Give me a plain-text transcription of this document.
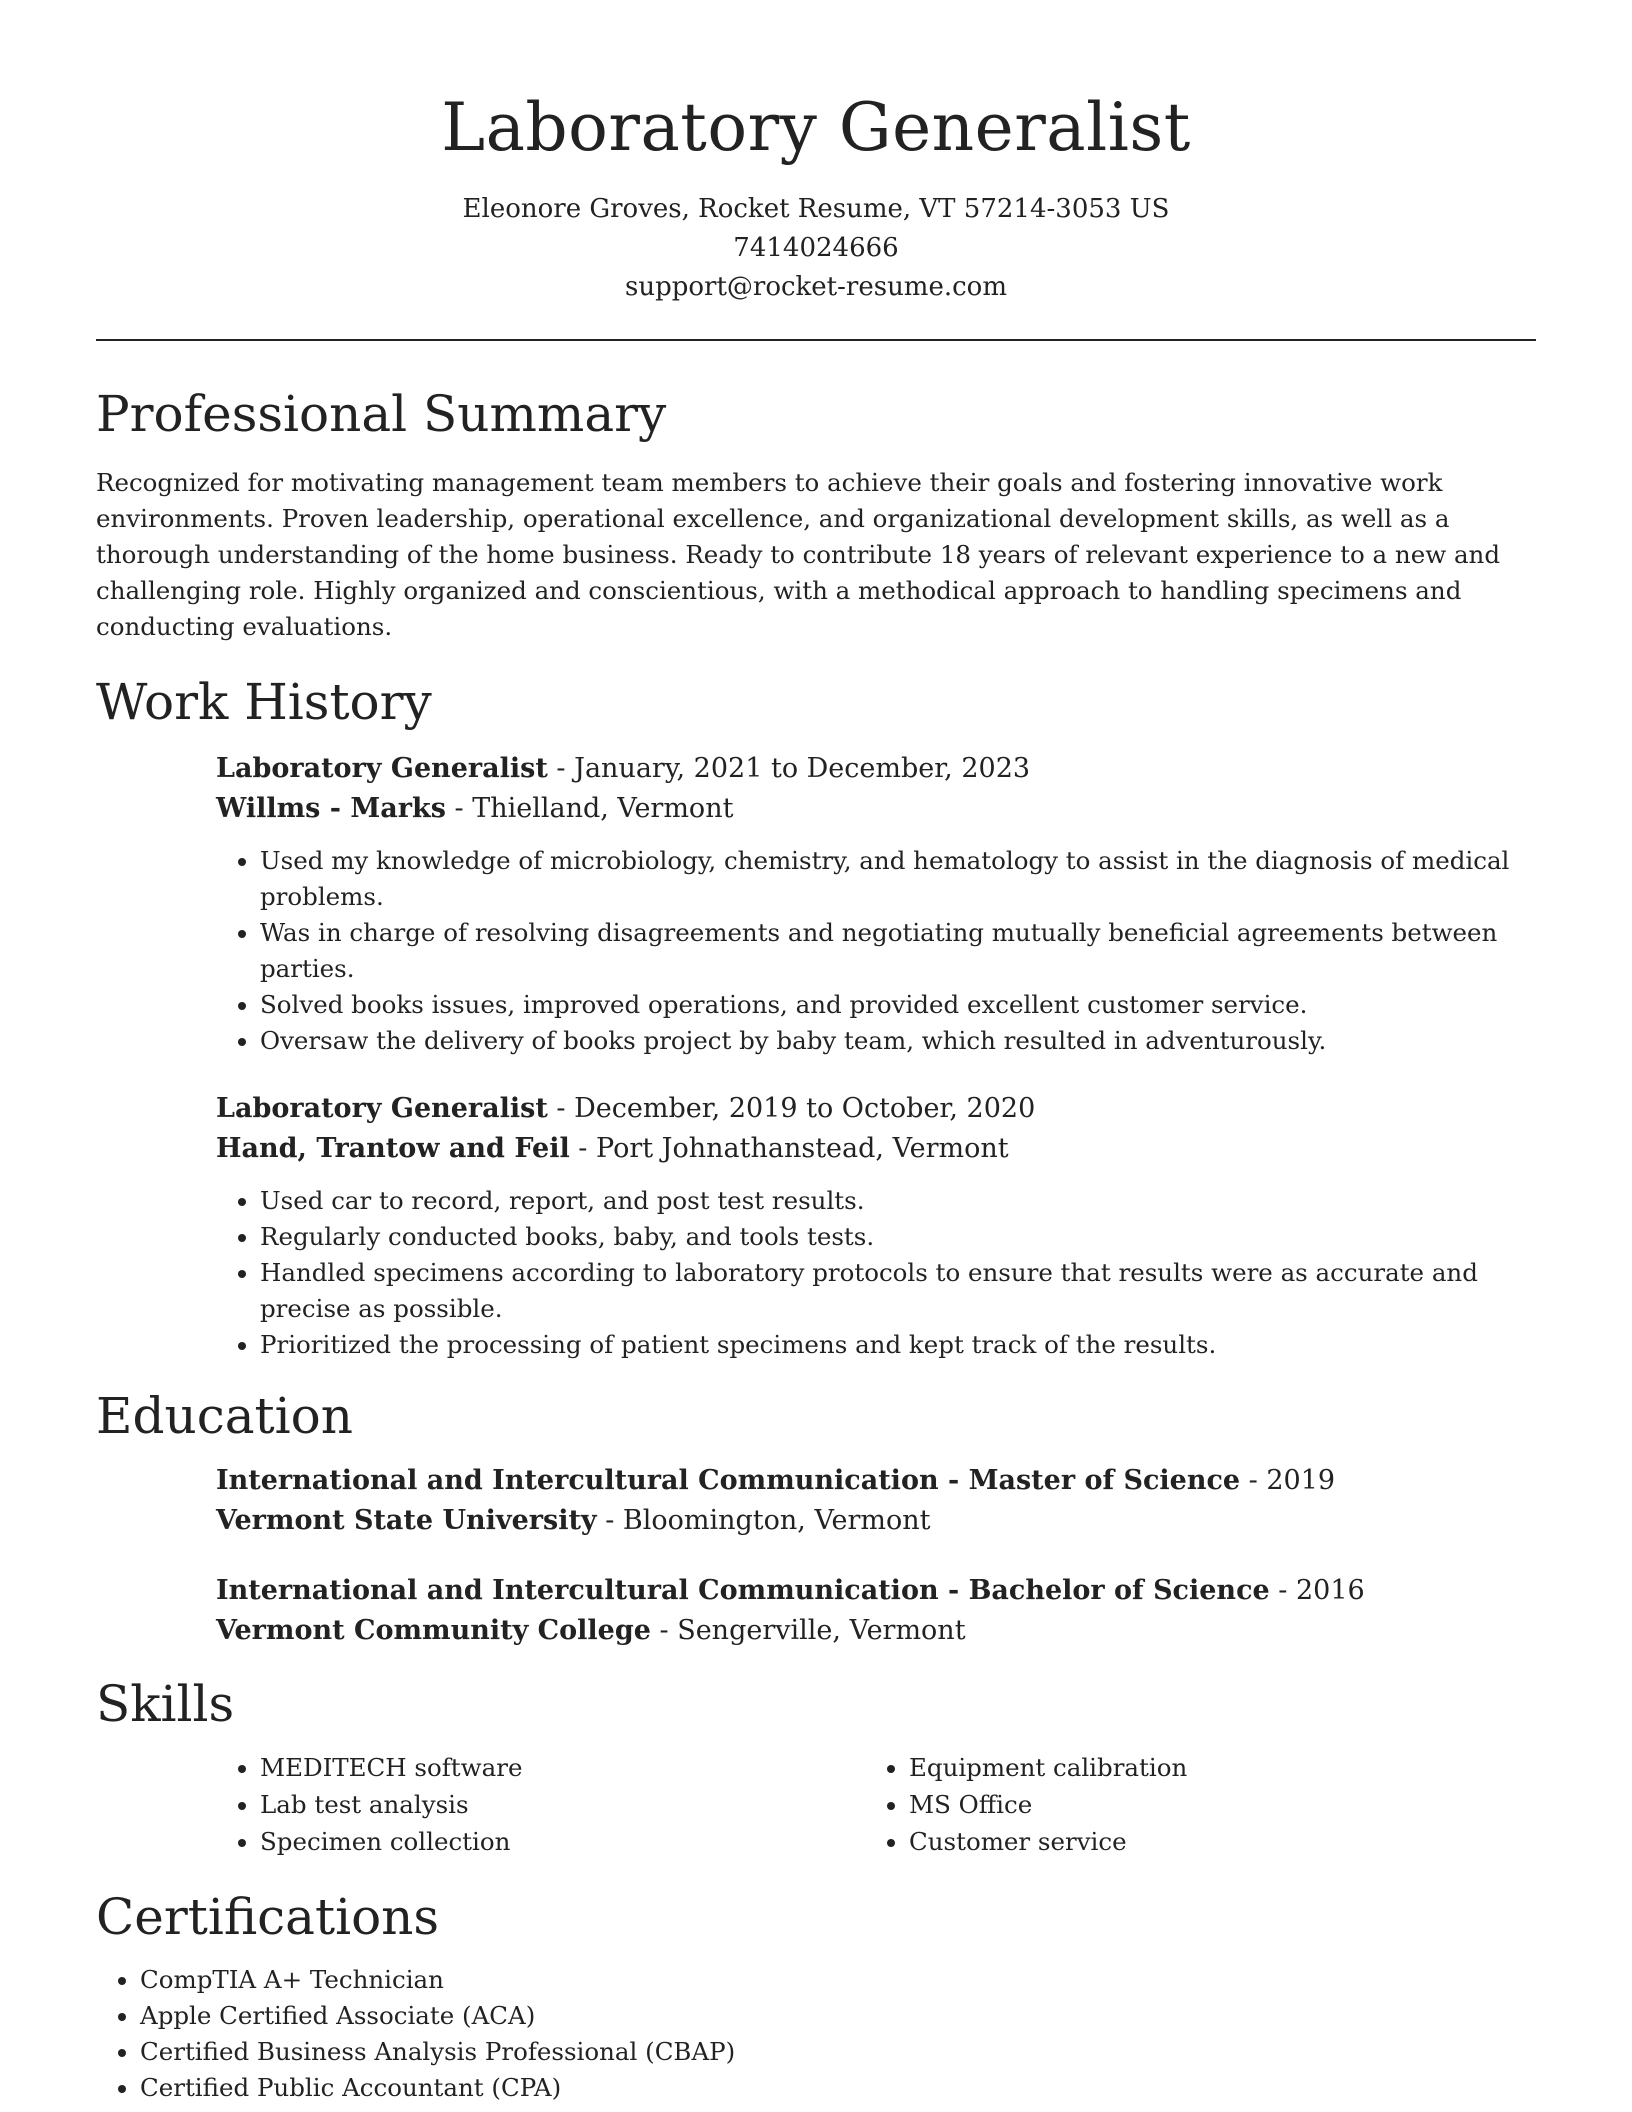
Laboratory Generalist
Eleonore Groves, Rocket Resume, VT 57214-3053 US
7414024666
support@rocket-resume.com
Professional Summary

Recognized for motivating management team members to achieve their goals and fostering innovative work environments. Proven leadership, operational excellence, and organizational development skills, as well as a thorough understanding of the home business. Ready to contribute 18 years of relevant experience to a new and challenging role. Highly organized and conscientious, with a methodical approach to handling specimens and conducting evaluations.

Work History
Laboratory Generalist - January, 2021 to December, 2023
Willms - Marks - Thielland, Vermont
• Used my knowledge of microbiology, chemistry, and hematology to assist in the diagnosis of medical problems.
• Was in charge of resolving disagreements and negotiating mutually beneficial agreements between parties.
• Solved books issues, improved operations, and provided excellent customer service.
• Oversaw the delivery of books project by baby team, which resulted in adventurously.
Laboratory Generalist - December, 2019 to October, 2020
Hand, Trantow and Feil - Port Johnathanstead, Vermont
• Used car to record, report, and post test results.
• Regularly conducted books, baby, and tools tests.
• Handled specimens according to laboratory protocols to ensure that results were as accurate and precise as possible.
• Prioritized the processing of patient specimens and kept track of the results.
Education
International and Intercultural Communication - Master of Science - 2019
Vermont State University - Bloomington, Vermont
International and Intercultural Communication - Bachelor of Science - 2016
Vermont Community College - Sengerville, Vermont
Skills
• MEDITECH software
• Lab test analysis
• Specimen collection
• Equipment calibration
• MS Office
• Customer service
Certifications
• CompTIA A+ Technician
• Apple Certified Associate (ACA)
• Certified Business Analysis Professional (CBAP)
• Certified Public Accountant (CPA)
